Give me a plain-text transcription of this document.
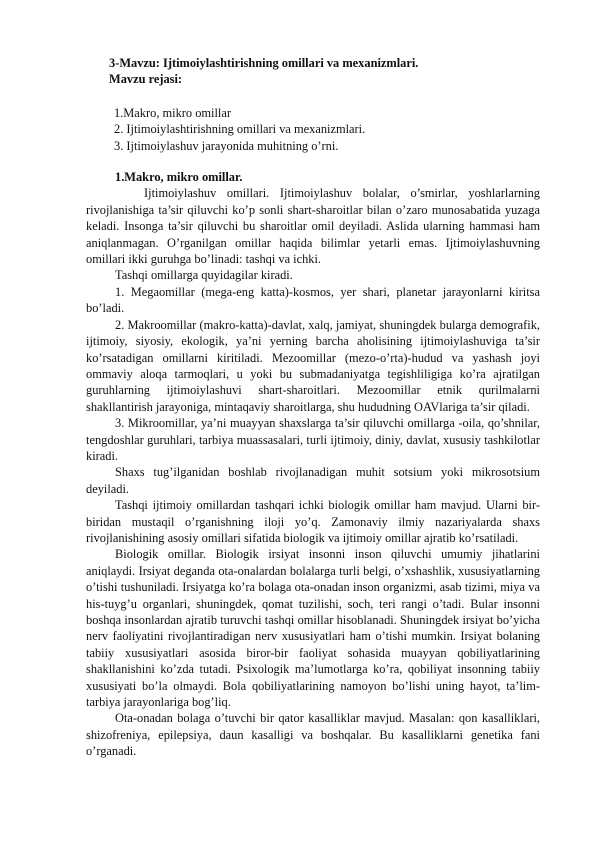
3-Mavzu: Ijtimoiylashtirishning omillari va mexanizmlari.
Mavzu rejasi:
1.Makro, mikro omillar
2. Ijtimoiylashtirishning omillari va mexanizmlari.
3. Ijtimoiylashuv jarayonida muhitning o’rni.
1.Makro, mikro omillar.

Ijtimoiylashuv omillari. Ijtimoiylashuv bolalar, o’smirlar, yoshlarlarning rivojlanishiga ta’sir qiluvchi ko’p sonli shart-sharoitlar bilan o’zaro munosabatida yuzaga keladi. Insonga ta’sir qiluvchi bu sharoitlar omil deyiladi. Aslida ularning hammasi ham aniqlanmagan. O’rganilgan omillar haqida bilimlar yetarli emas. Ijtimoiylashuvning omillari ikki guruhga bo’linadi: tashqi va ichki.

Tashqi omillarga quyidagilar kiradi.

1. Megaomillar (mega-eng katta)-kosmos, yer shari, planetar jarayonlarni kiritsa bo’ladi.

2. Makroomillar (makro-katta)-davlat, xalq, jamiyat, shuningdek bularga demografik, ijtimoiy, siyosiy, ekologik, ya’ni yerning barcha aholisining ijtimoiylashuviga ta’sir ko’rsatadigan omillarni kiritiladi. Mezoomillar (mezo-o’rta)-hudud va yashash joyi ommaviy aloqa tarmoqlari, u yoki bu submadaniyatga tegishliligiga ko’ra ajratilgan guruhlarning ijtimoiylashuvi shart-sharoitlari. Mezoomillar etnik qurilmalarni shakllantirish jarayoniga, mintaqaviy sharoitlarga, shu hududning OAVlariga ta’sir qiladi.

3. Mikroomillar, ya’ni muayyan shaxslarga ta’sir qiluvchi omillarga -oila, qo’shnilar, tengdoshlar guruhlari, tarbiya muassasalari, turli ijtimoiy, diniy, davlat, xususiy tashkilotlar kiradi.

Shaxs tug’ilganidan boshlab rivojlanadigan muhit sotsium yoki mikrosotsium deyiladi.

Tashqi ijtimoiy omillardan tashqari ichki biologik omillar ham mavjud. Ularni bir-biridan mustaqil o’rganishning iloji yo’q. Zamonaviy ilmiy nazariyalarda shaxs rivojlanishining asosiy omillari sifatida biologik va ijtimoiy omillar ajratib ko’rsatiladi.

Biologik omillar. Biologik irsiyat insonni inson qiluvchi umumiy jihatlarini aniqlaydi. Irsiyat deganda ota-onalardan bolalarga turli belgi, o’xshashlik, xususiyatlarning o’tishi tushuniladi. Irsiyatga ko’ra bolaga ota-onadan inson organizmi, asab tizimi, miya va his-tuyg’u organlari, shuningdek, qomat tuzilishi, soch, teri rangi o’tadi. Bular insonni boshqa insonlardan ajratib turuvchi tashqi omillar hisoblanadi. Shuningdek irsiyat bo’yicha nerv faoliyatini rivojlantiradigan nerv xususiyatlari ham o’tishi mumkin. Irsiyat bolaning tabiiy xususiyatlari asosida biror-bir faoliyat sohasida muayyan qobiliyatlarining shakllanishini ko’zda tutadi. Psixologik ma’lumotlarga ko’ra, qobiliyat insonning tabiiy xususiyati bo’la olmaydi. Bola qobiliyatlarining namoyon bo’lishi uning hayot, ta’lim-tarbiya jarayonlariga bog’liq.

Ota-onadan bolaga o’tuvchi bir qator kasalliklar mavjud. Masalan: qon kasalliklari, shizofreniya, epilepsiya, daun kasalligi va boshqalar. Bu kasalliklarni genetika fani o’rganadi.
